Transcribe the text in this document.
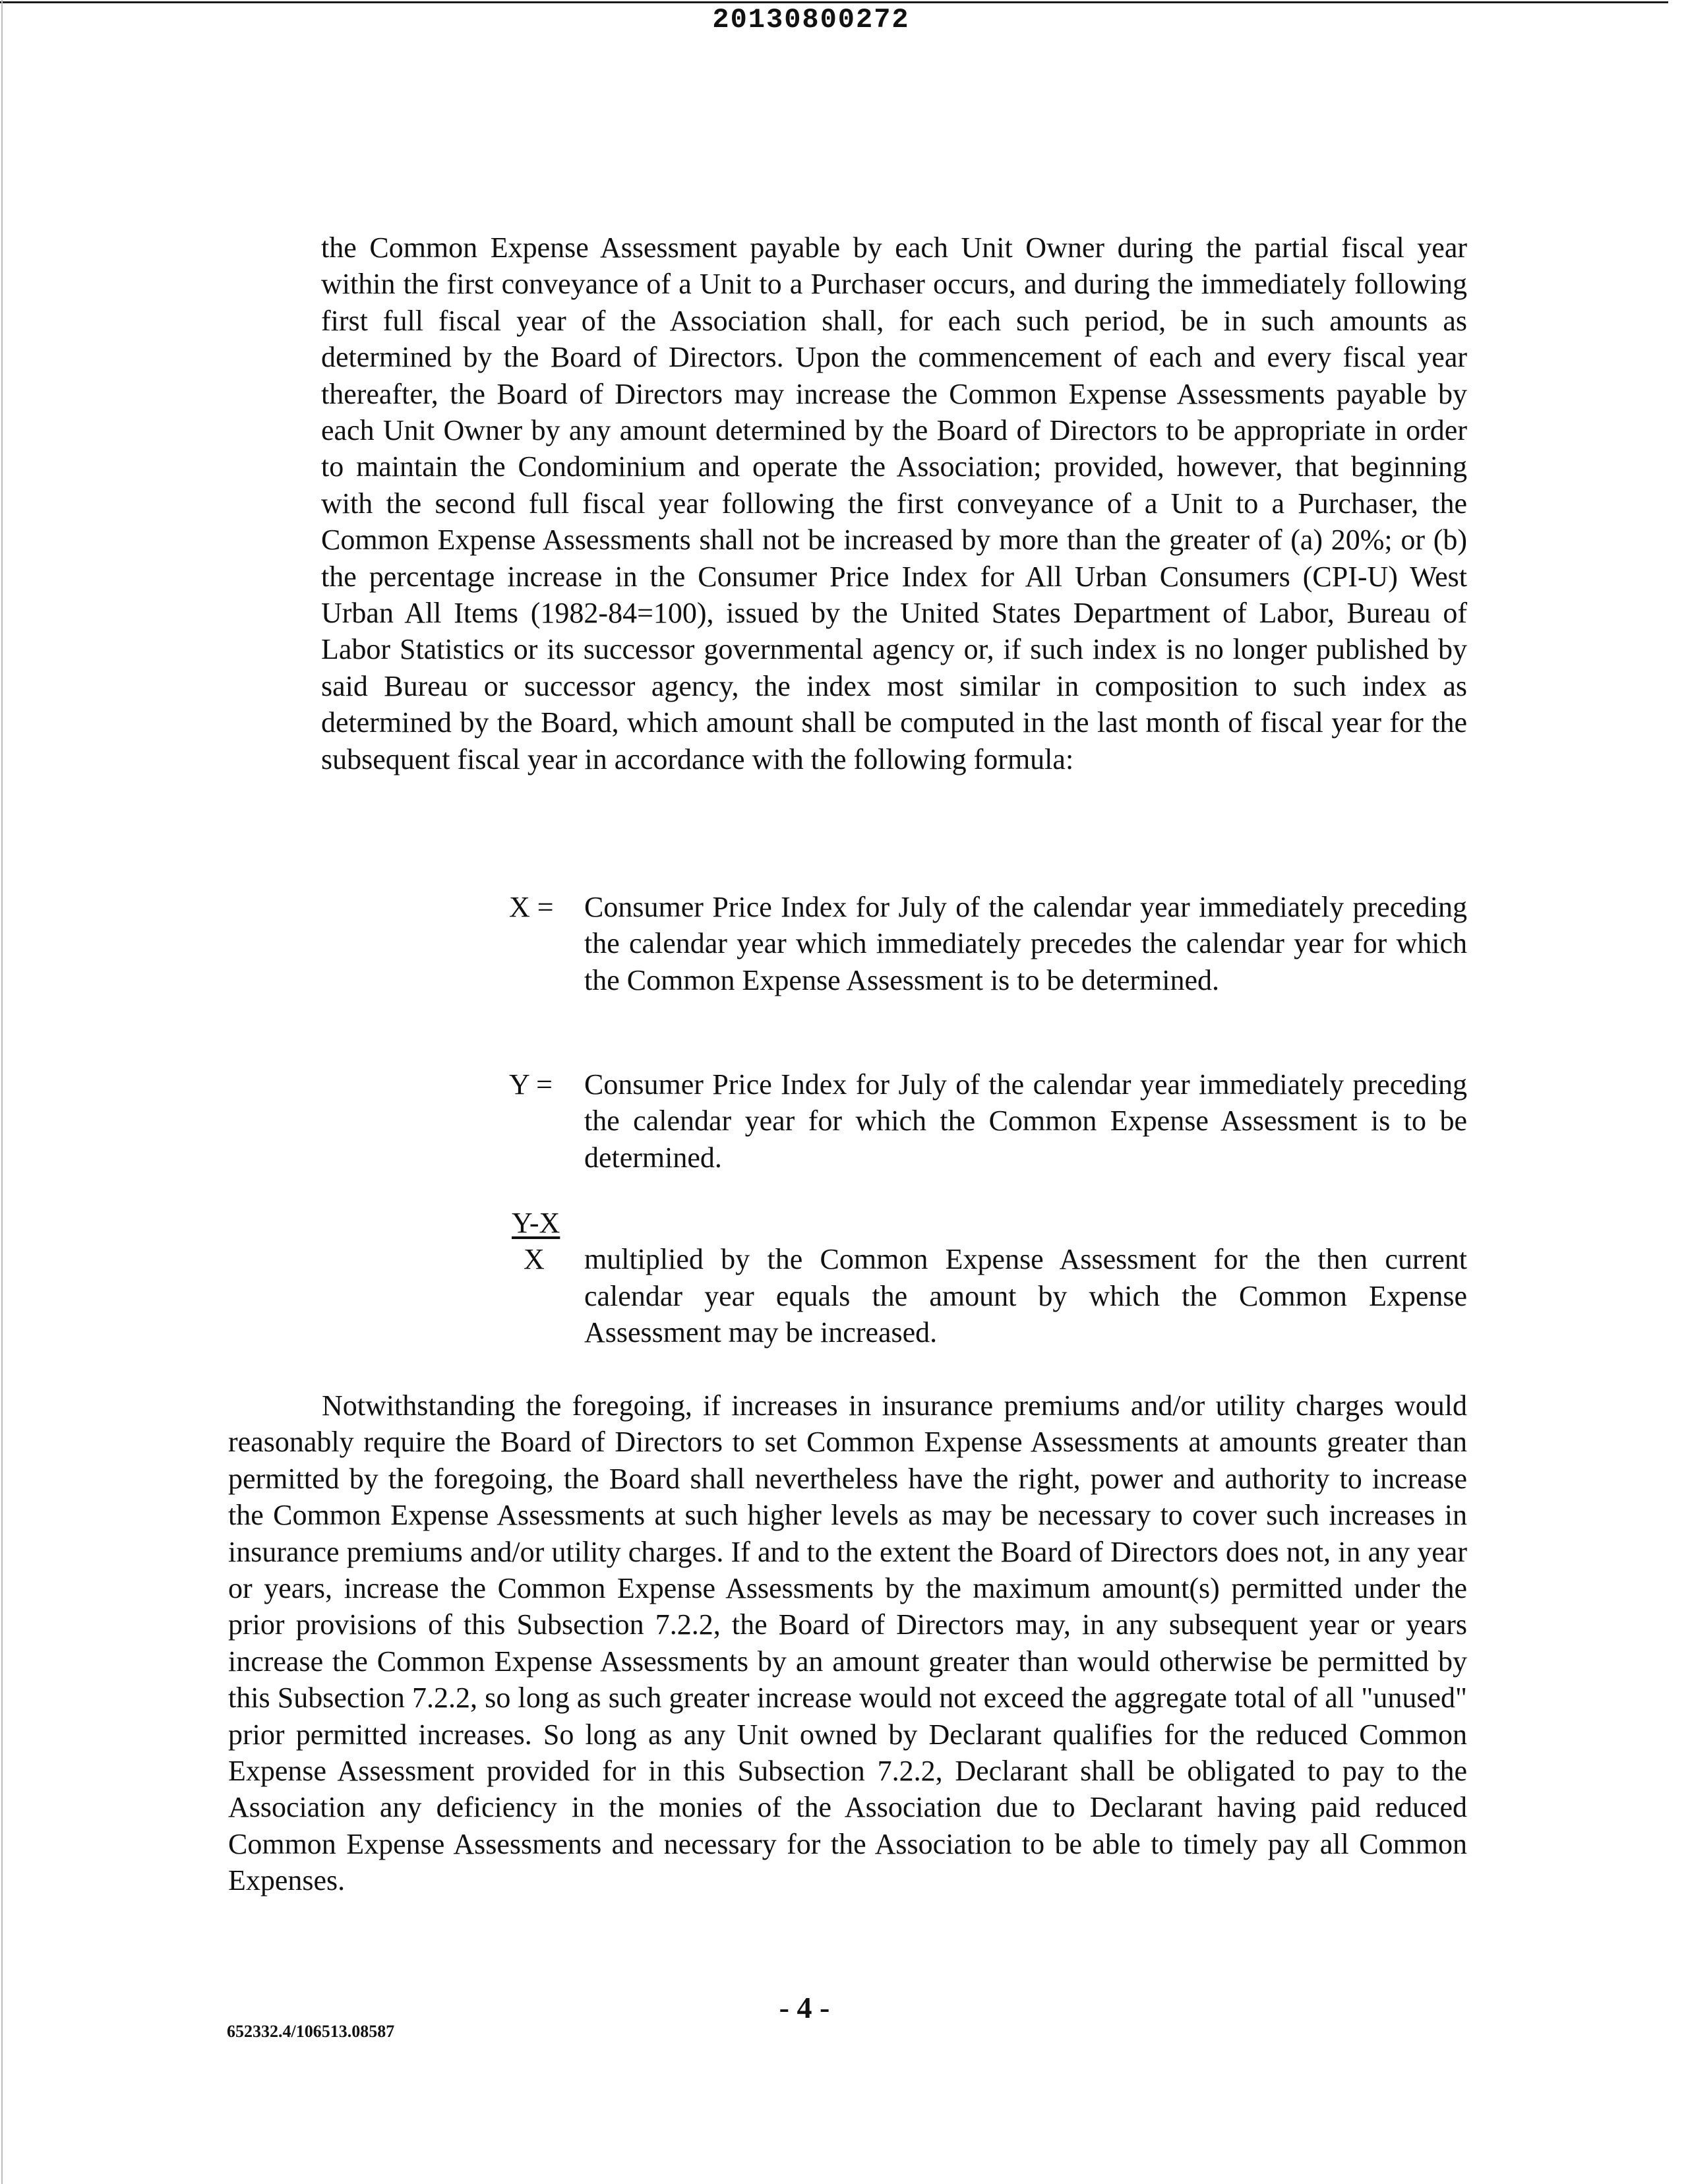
20130800272

the Common Expense Assessment payable by each Unit Owner during the partial fiscal year within the first conveyance of a Unit to a Purchaser occurs, and during the immediately following first full fiscal year of the Association shall, for each such period, be in such amounts as determined by the Board of Directors. Upon the commencement of each and every fiscal year thereafter, the Board of Directors may increase the Common Expense Assessments payable by each Unit Owner by any amount determined by the Board of Directors to be appropriate in order to maintain the Condominium and operate the Association; provided, however, that beginning with the second full fiscal year following the first conveyance of a Unit to a Purchaser, the Common Expense Assessments shall not be increased by more than the greater of (a) 20%; or (b) the percentage increase in the Consumer Price Index for All Urban Consumers (CPI-U) West Urban All Items (1982-84=100), issued by the United States Department of Labor, Bureau of Labor Statistics or its successor governmental agency or, if such index is no longer published by said Bureau or successor agency, the index most similar in composition to such index as determined by the Board, which amount shall be computed in the last month of fiscal year for the subsequent fiscal year in accordance with the following formula:

X = Consumer Price Index for July of the calendar year immediately preceding the calendar year which immediately precedes the calendar year for which the Common Expense Assessment is to be determined.

Y =	Consumer Price Index for July of the calendar year immediately preceding the calendar year for which the Common Expense Assessment is to be determined.

$\frac{Y-X}{X}$ multiplied by the Common Expense Assessment for the then current calendar year equals the amount by which the Common Expense Assessment may be increased.

Notwithstanding the foregoing, if increases in insurance premiums and/or utility charges would reasonably require the Board of Directors to set Common Expense Assessments at amounts greater than permitted by the foregoing, the Board shall nevertheless have the right, power and authority to increase the Common Expense Assessments at such higher levels as may be necessary to cover such increases in insurance premiums and/or utility charges. If and to the extent the Board of Directors does not, in any year or years, increase the Common Expense Assessments by the maximum amount(s) permitted under the prior provisions of this Subsection 7.2.2, the Board of Directors may, in any subsequent year or years increase the Common Expense Assessments by an amount greater than would otherwise be permitted by this Subsection 7.2.2, so long as such greater increase would not exceed the aggregate total of all "unused" prior permitted increases. So long as any Unit owned by Declarant qualifies for the reduced Common Expense Assessment provided for in this Subsection 7.2.2, Declarant shall be obligated to pay to the Association any deficiency in the monies of the Association due to Declarant having paid reduced Common Expense Assessments and necessary for the Association to be able to timely pay all Common Expenses.

- 4 -
652332.4/106513.08587
